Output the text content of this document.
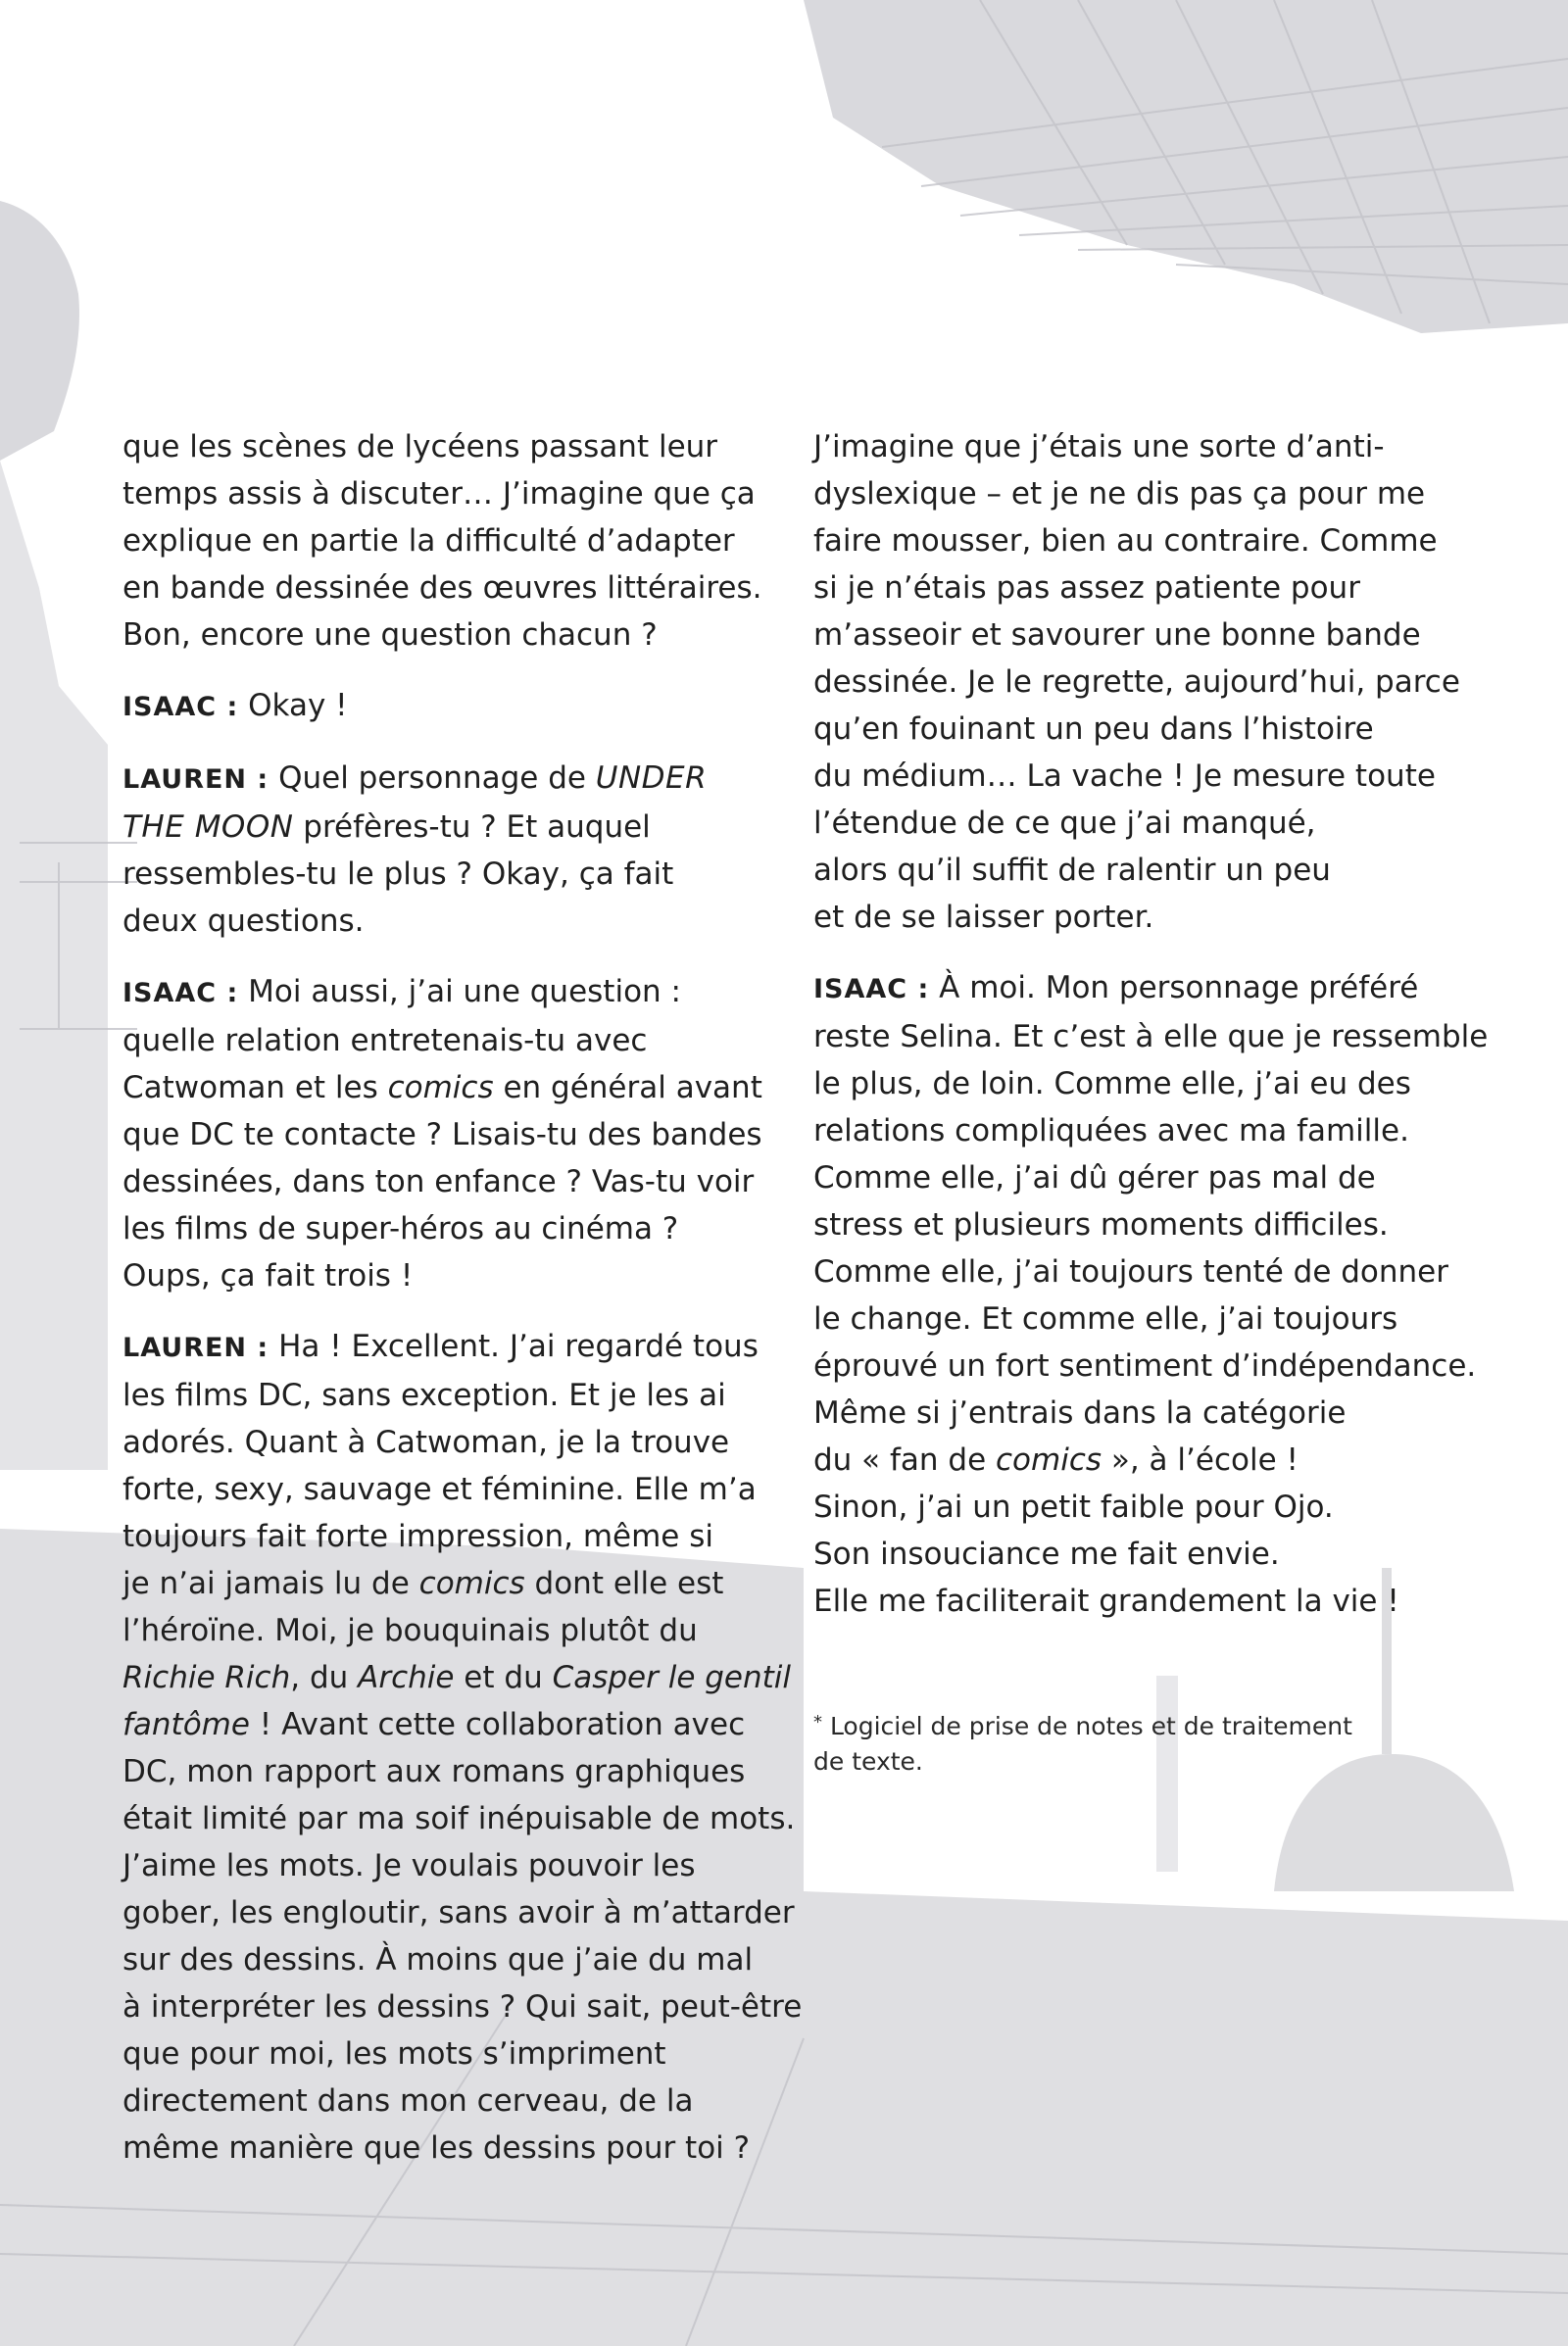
que les scènes de lycéens passant leur
temps assis à discuter… J’imagine que ça
explique en partie la difficulté d’adapter
en bande dessinée des œuvres littéraires.
Bon, encore une question chacun ?
ISAAC : Okay !
LAUREN : Quel personnage de UNDER
THE MOON préfères-tu ? Et auquel
ressembles-tu le plus ? Okay, ça fait
deux questions.
ISAAC : Moi aussi, j’ai une question :
quelle relation entretenais-tu avec
Catwoman et les comics en général avant
que DC te contacte ? Lisais-tu des bandes
dessinées, dans ton enfance ? Vas-tu voir
les films de super-héros au cinéma ?
Oups, ça fait trois !
LAUREN : Ha ! Excellent. J’ai regardé tous
les films DC, sans exception. Et je les ai
adorés. Quant à Catwoman, je la trouve
forte, sexy, sauvage et féminine. Elle m’a
toujours fait forte impression, même si
je n’ai jamais lu de comics dont elle est
l’héroïne. Moi, je bouquinais plutôt du
Richie Rich, du Archie et du Casper le gentil
fantôme ! Avant cette collaboration avec
DC, mon rapport aux romans graphiques
était limité par ma soif inépuisable de mots.
J’aime les mots. Je voulais pouvoir les
gober, les engloutir, sans avoir à m’attarder
sur des dessins. À moins que j’aie du mal
à interpréter les dessins ? Qui sait, peut-être
que pour moi, les mots s’impriment
directement dans mon cerveau, de la
même manière que les dessins pour toi ?
J’imagine que j’étais une sorte d’anti-
dyslexique – et je ne dis pas ça pour me
faire mousser, bien au contraire. Comme
si je n’étais pas assez patiente pour
m’asseoir et savourer une bonne bande
dessinée. Je le regrette, aujourd’hui, parce
qu’en fouinant un peu dans l’histoire
du médium… La vache ! Je mesure toute
l’étendue de ce que j’ai manqué,
alors qu’il suffit de ralentir un peu
et de se laisser porter.
ISAAC : À moi. Mon personnage préféré
reste Selina. Et c’est à elle que je ressemble
le plus, de loin. Comme elle, j’ai eu des
relations compliquées avec ma famille.
Comme elle, j’ai dû gérer pas mal de
stress et plusieurs moments difficiles.
Comme elle, j’ai toujours tenté de donner
le change. Et comme elle, j’ai toujours
éprouvé un fort sentiment d’indépendance.
Même si j’entrais dans la catégorie
du « fan de comics », à l’école !
Sinon, j’ai un petit faible pour Ojo.
Son insouciance me fait envie.
Elle me faciliterait grandement la vie !
* Logiciel de prise de notes et de traitement
de texte.
